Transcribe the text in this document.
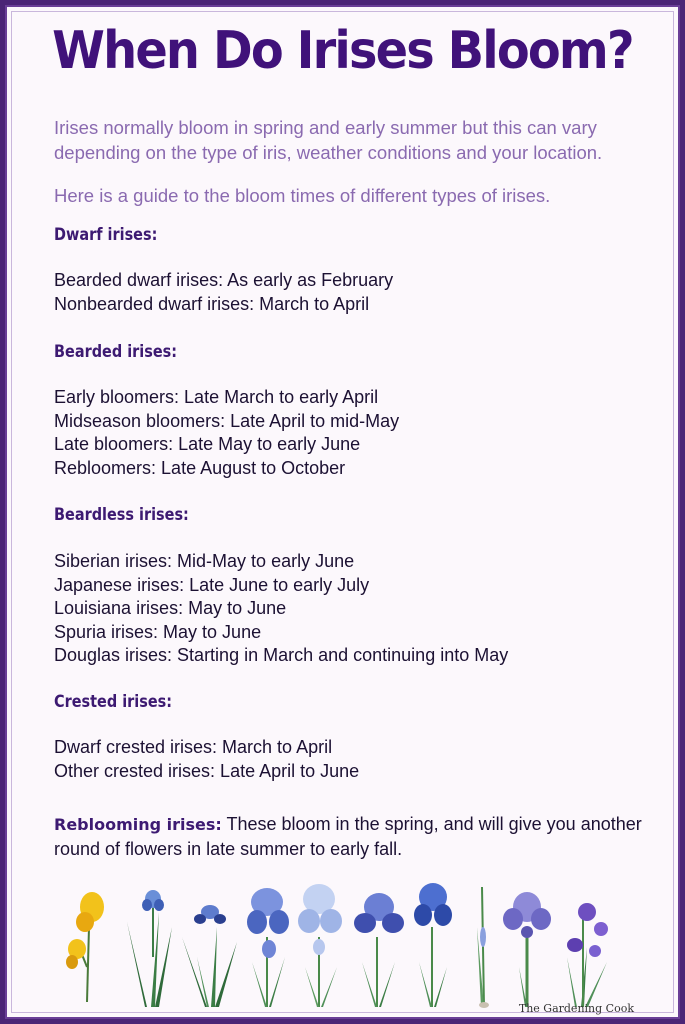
When Do Irises Bloom?

Irises normally bloom in spring and early summer but this can vary depending on the type of iris, weather conditions and your location.

Here is a guide to the bloom times of different types of irises.

Dwarf irises:
Bearded dwarf irises: As early as February
Nonbearded dwarf irises: March to April
Bearded irises:
Early bloomers: Late March to early April
Midseason bloomers: Late April to mid-May
Late bloomers: Late May to early June
Rebloomers: Late August to October
Beardless irises:
Siberian irises: Mid-May to early June
Japanese irises: Late June to early July
Louisiana irises: May to June
Spuria irises: May to June
Douglas irises: Starting in March and continuing into May
Crested irises:
Dwarf crested irises: March to April
Other crested irises: Late April to June

Reblooming irises: These bloom in the spring, and will give you another round of flowers in late summer to early fall.

The Gardening Cook
